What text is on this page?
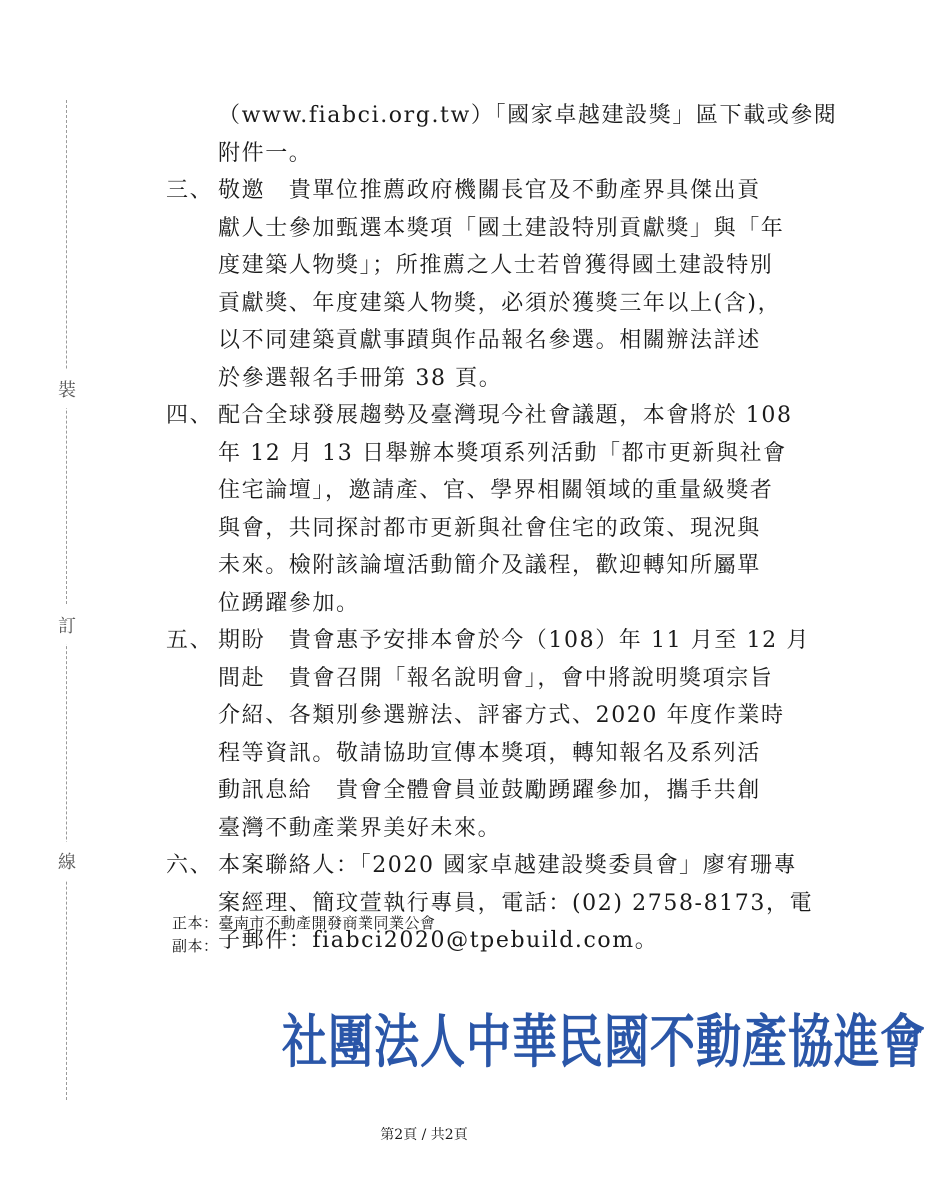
裝
訂
線
（www.fiabci.org.tw）「國家卓越建設獎」區下載或參閱
附件一。
三、 敬邀　貴單位推薦政府機關長官及不動產界具傑出貢
獻人士參加甄選本獎項「國土建設特別貢獻獎」與「年
度建築人物獎」；所推薦之人士若曾獲得國土建設特別
貢獻獎、年度建築人物獎，必須於獲獎三年以上(含)，
以不同建築貢獻事蹟與作品報名參選。相關辦法詳述
於參選報名手冊第 38 頁。
四、 配合全球發展趨勢及臺灣現今社會議題，本會將於 108
年 12 月 13 日舉辦本獎項系列活動「都市更新與社會
住宅論壇」，邀請產、官、學界相關領域的重量級獎者
與會，共同探討都市更新與社會住宅的政策、現況與
未來。檢附該論壇活動簡介及議程，歡迎轉知所屬單
位踴躍參加。
五、 期盼　貴會惠予安排本會於今（108）年 11 月至 12 月
間赴　貴會召開「報名說明會」，會中將說明獎項宗旨
介紹、各類別參選辦法、評審方式、2020 年度作業時
程等資訊。敬請協助宣傳本獎項，轉知報名及系列活
動訊息給　貴會全體會員並鼓勵踴躍參加，攜手共創
臺灣不動產業界美好未來。
六、 本案聯絡人：「2020 國家卓越建設獎委員會」廖宥珊專
案經理、簡玟萱執行專員，電話：(02) 2758-8173，電
子郵件：fiabci2020@tpebuild.com。
正本：臺南市不動產開發商業同業公會
副本：
社團法人中華民國不動產協進會
第2頁 / 共2頁
